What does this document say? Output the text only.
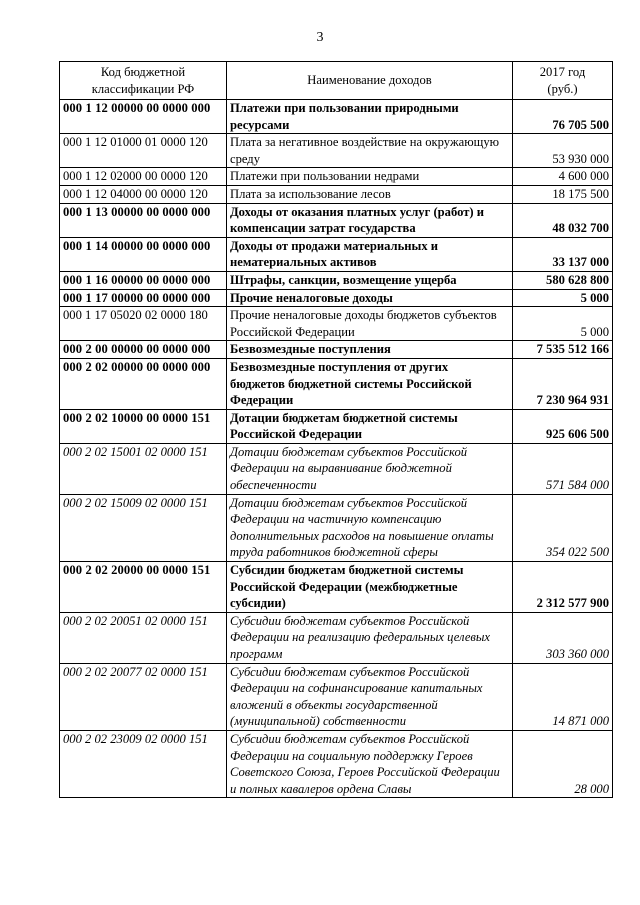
3
Код бюджетной
классификации РФ	Наименование доходов	2017 год
(руб.)

000 1 12 00000 00 0000 000	Платежи при пользовании природными
ресурсами	76 705 500

000 1 12 01000 01 0000 120	Плата за негативное воздействие на окружающую
среду	53 930 000

000 1 12 02000 00 0000 120	Платежи при пользовании недрами	4 600 000

000 1 12 04000 00 0000 120	Плата за использование лесов	18 175 500

000 1 13 00000 00 0000 000	Доходы от оказания платных услуг (работ) и
компенсации затрат государства	48 032 700

000 1 14 00000 00 0000 000	Доходы от продажи материальных и
нематериальных активов	33 137 000

000 1 16 00000 00 0000 000	Штрафы, санкции, возмещение ущерба	580 628 800

000 1 17 00000 00 0000 000	Прочие неналоговые доходы	5 000

000 1 17 05020 02 0000 180	Прочие неналоговые доходы бюджетов субъектов
Российской Федерации	5 000

000 2 00 00000 00 0000 000	Безвозмездные поступления	7 535 512 166

000 2 02 00000 00 0000 000	Безвозмездные поступления от других
бюджетов бюджетной системы Российской
Федерации	7 230 964 931

000 2 02 10000 00 0000 151	Дотации бюджетам бюджетной системы
Российской Федерации	925 606 500

000 2 02 15001 02 0000 151	Дотации бюджетам субъектов Российской
Федерации на выравнивание бюджетной
обеспеченности	571 584 000

000 2 02 15009 02 0000 151	Дотации бюджетам субъектов Российской
Федерации на частичную компенсацию
дополнительных расходов на повышение оплаты
труда работников бюджетной сферы	354 022 500

000 2 02 20000 00 0000 151	Субсидии бюджетам бюджетной системы
Российской Федерации (межбюджетные
субсидии)	2 312 577 900

000 2 02 20051 02 0000 151	Субсидии бюджетам субъектов Российской
Федерации на реализацию федеральных целевых
программ	303 360 000

000 2 02 20077 02 0000 151	Субсидии бюджетам субъектов Российской
Федерации на софинансирование капитальных
вложений в объекты государственной
(муниципальной) собственности	14 871 000

000 2 02 23009 02 0000 151	Субсидии бюджетам субъектов Российской
Федерации на социальную поддержку Героев
Советского Союза, Героев Российской Федерации
и полных кавалеров ордена Славы	28 000
